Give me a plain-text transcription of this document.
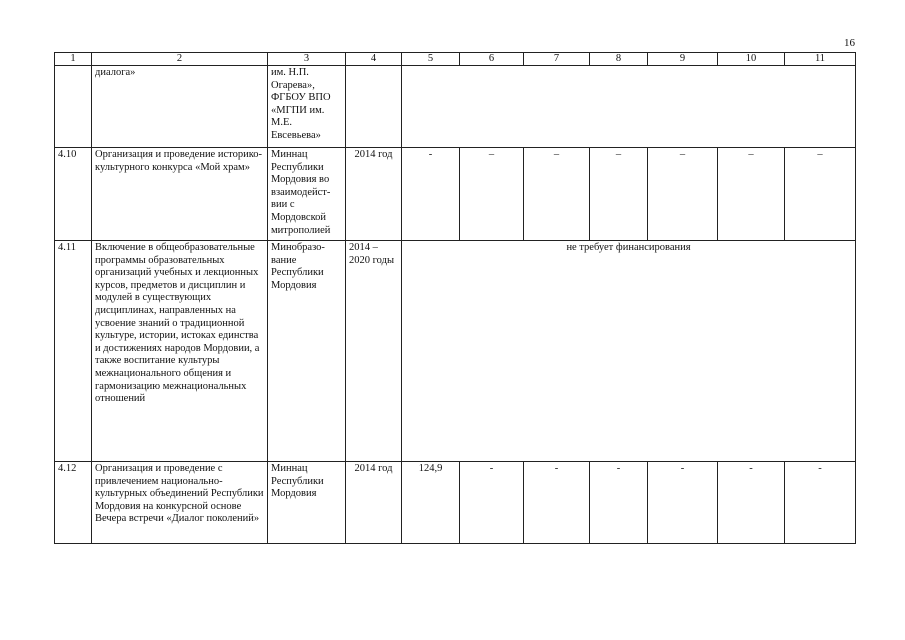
16
1	2	3	4	5	6	7	8	9	10	11
	диалога»	им. Н.П. Огарева», ФГБОУ ВПО «МГПИ им. М.Е. Евсевьева»								
4.10	Организация и проведение историко-культурного конкурса «Мой храм»	Миннац Республики Мордовия во взаимодейст-вии с Мордовской митрополией	2014 год	-	–	–	–	–	–	–
4.11	Включение в общеобразовательные программы образовательных организаций учебных и лекционных курсов, предметов и дисциплин и модулей в существующих дисциплинах, направленных на усвоение знаний о традиционной культуре, истории, истоках единства и достижениях народов Мордовии, а также воспитание культуры межнационального общения и гармонизацию межнациональных отношений	Минобразо-вание Республики Мордовия	2014 – 2020 годы	не требует финансирования						
4.12	Организация и проведение с привлечением национально-культурных объединений Республики Мордовия на конкурсной основе Вечера встречи «Диалог поколений»	Миннац Республики Мордовия	2014 год	124,9	-	-	-	-	-	-
